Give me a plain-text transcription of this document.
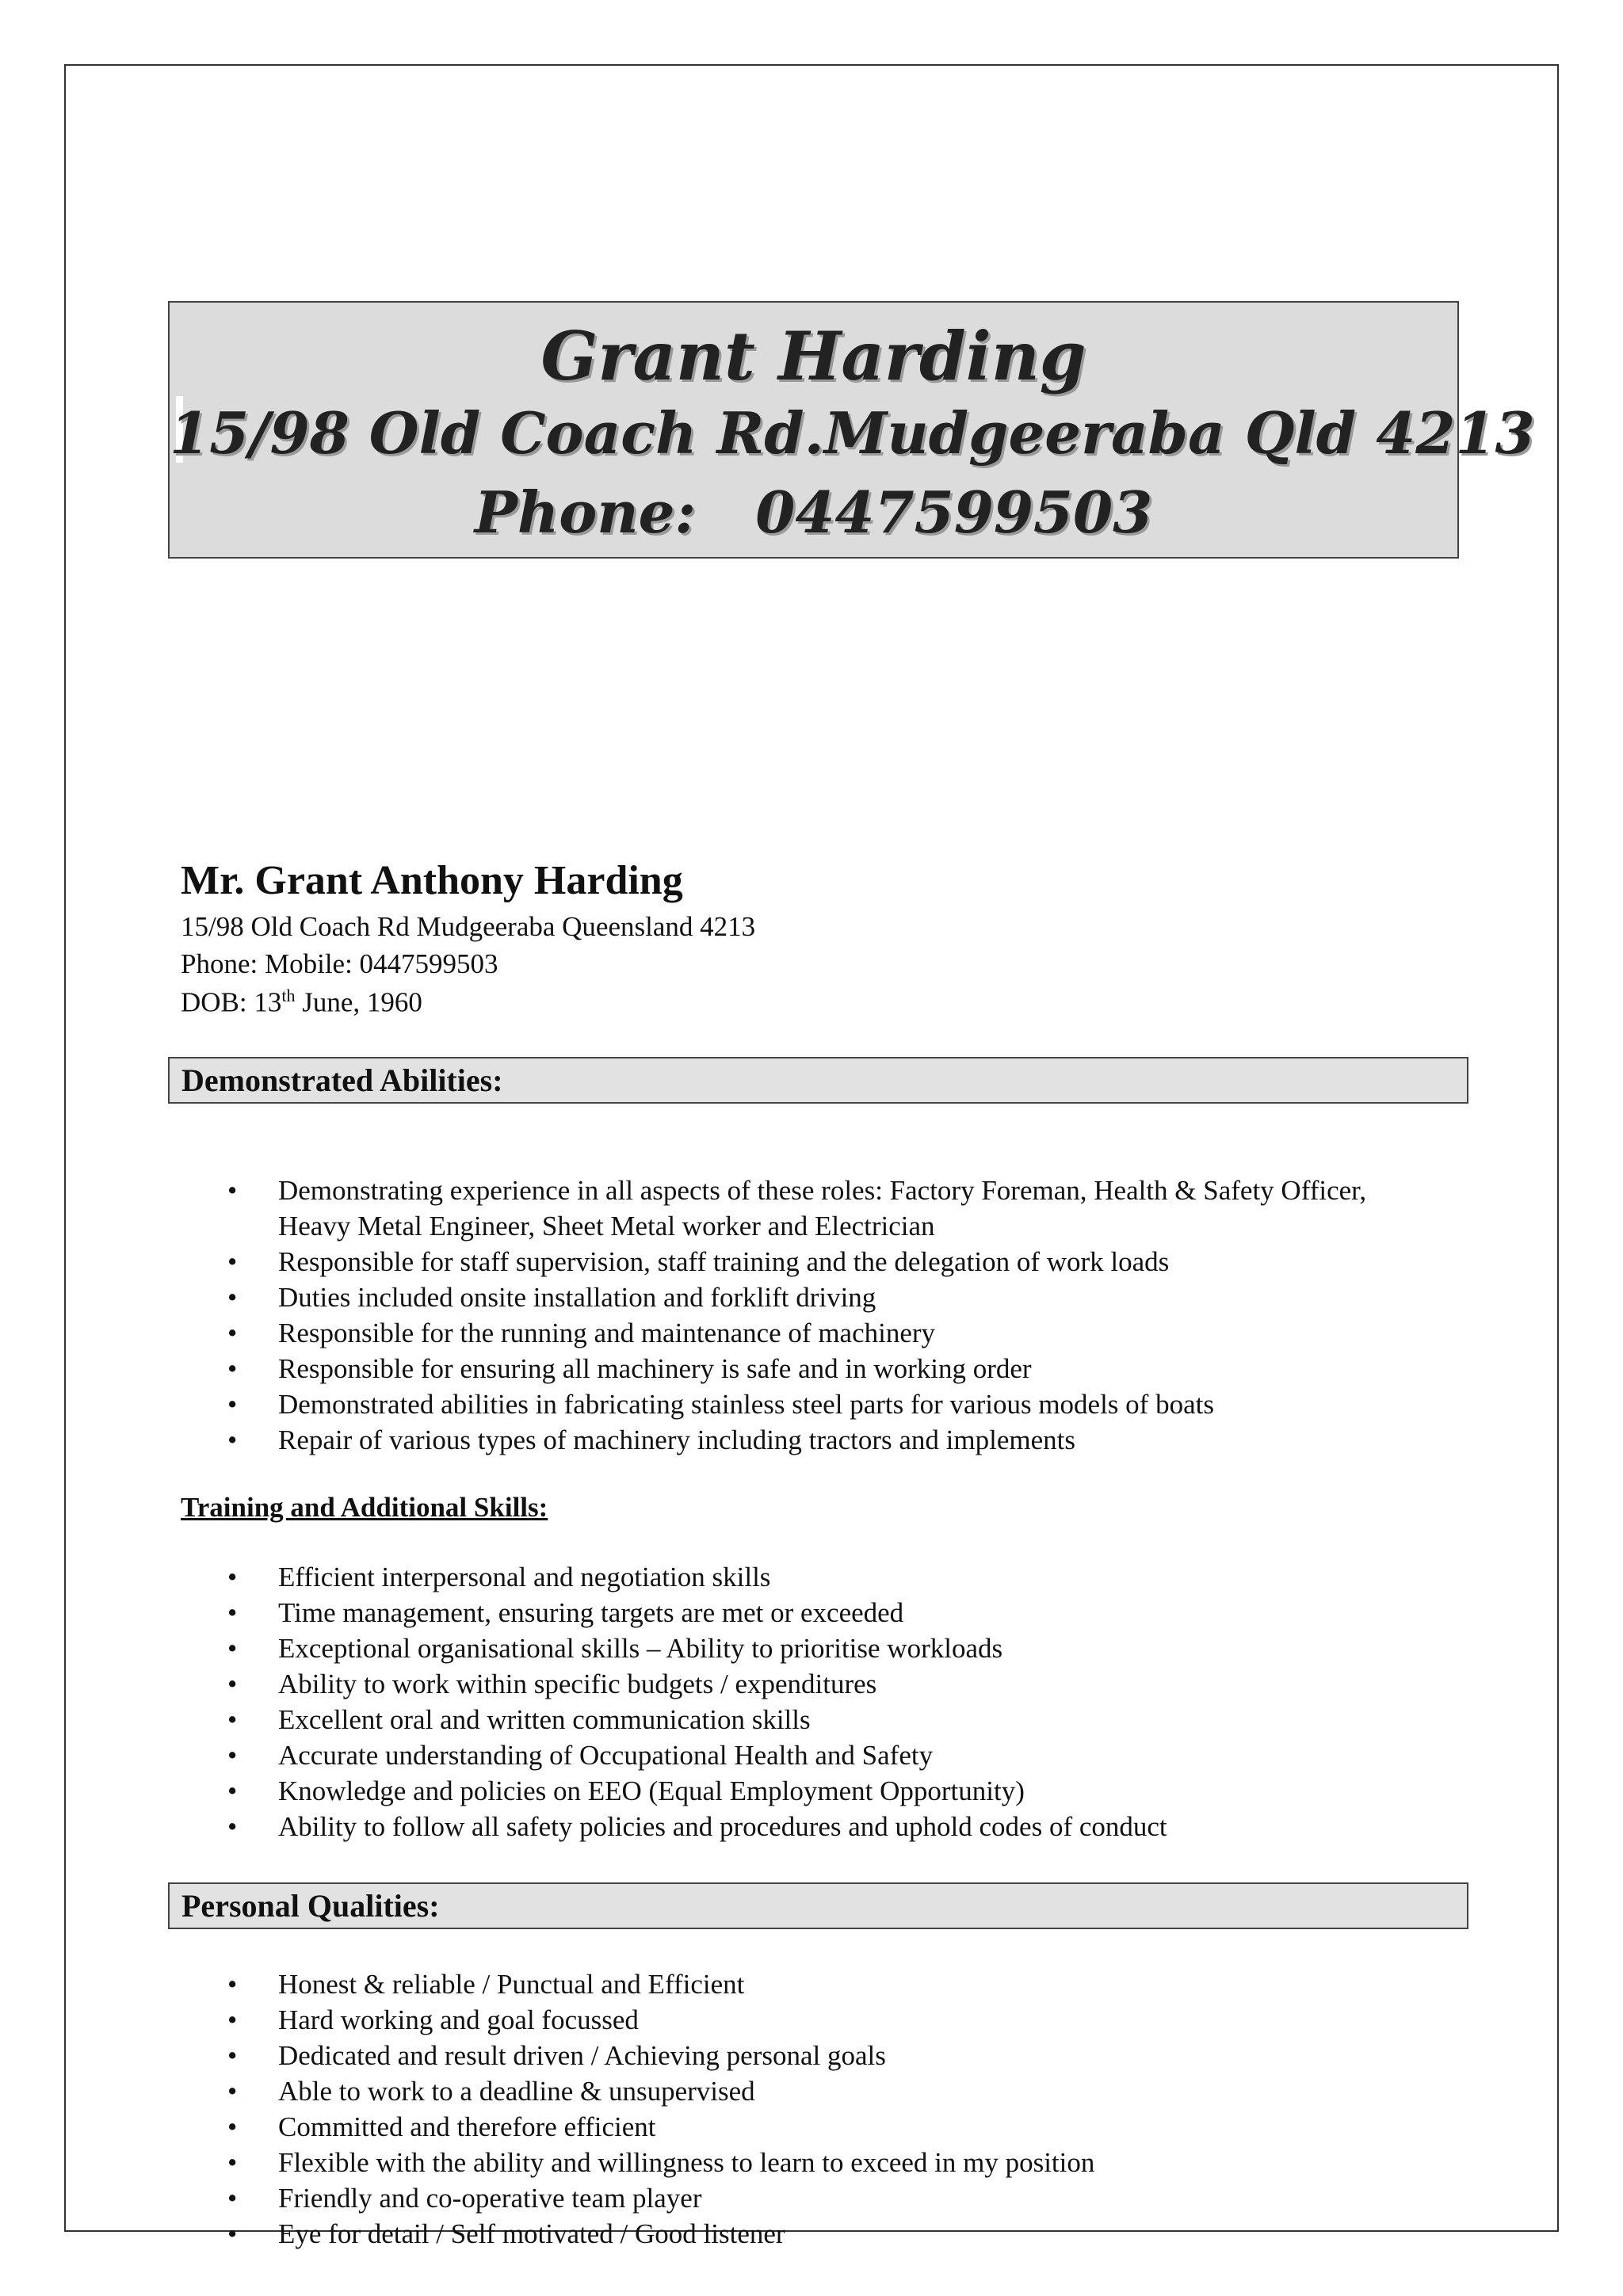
Grant Harding
15/98 Old Coach Rd.Mudgeeraba Qld 4213
Phone:   0447599503
Mr. Grant Anthony Harding
15/98 Old Coach Rd Mudgeeraba Queensland 4213
Phone: Mobile: 0447599503
DOB: 13th June, 1960
Demonstrated Abilities:
• Demonstrating experience in all aspects of these roles: Factory Foreman, Health & Safety Officer,
Heavy Metal Engineer, Sheet Metal worker and Electrician
• Responsible for staff supervision, staff training and the delegation of work loads
• Duties included onsite installation and forklift driving
• Responsible for the running and maintenance of machinery
• Responsible for ensuring all machinery is safe and in working order
• Demonstrated abilities in fabricating stainless steel parts for various models of boats
• Repair of various types of machinery including tractors and implements
Training and Additional Skills:
• Efficient interpersonal and negotiation skills
• Time management, ensuring targets are met or exceeded
• Exceptional organisational skills – Ability to prioritise workloads
• Ability to work within specific budgets / expenditures
• Excellent oral and written communication skills
• Accurate understanding of Occupational Health and Safety
• Knowledge and policies on EEO (Equal Employment Opportunity)
• Ability to follow all safety policies and procedures and uphold codes of conduct
Personal Qualities:
• Honest & reliable / Punctual and Efficient
• Hard working and goal focussed
• Dedicated and result driven / Achieving personal goals
• Able to work to a deadline & unsupervised
• Committed and therefore efficient
• Flexible with the ability and willingness to learn to exceed in my position
• Friendly and co-operative team player
• Eye for detail / Self motivated / Good listener
